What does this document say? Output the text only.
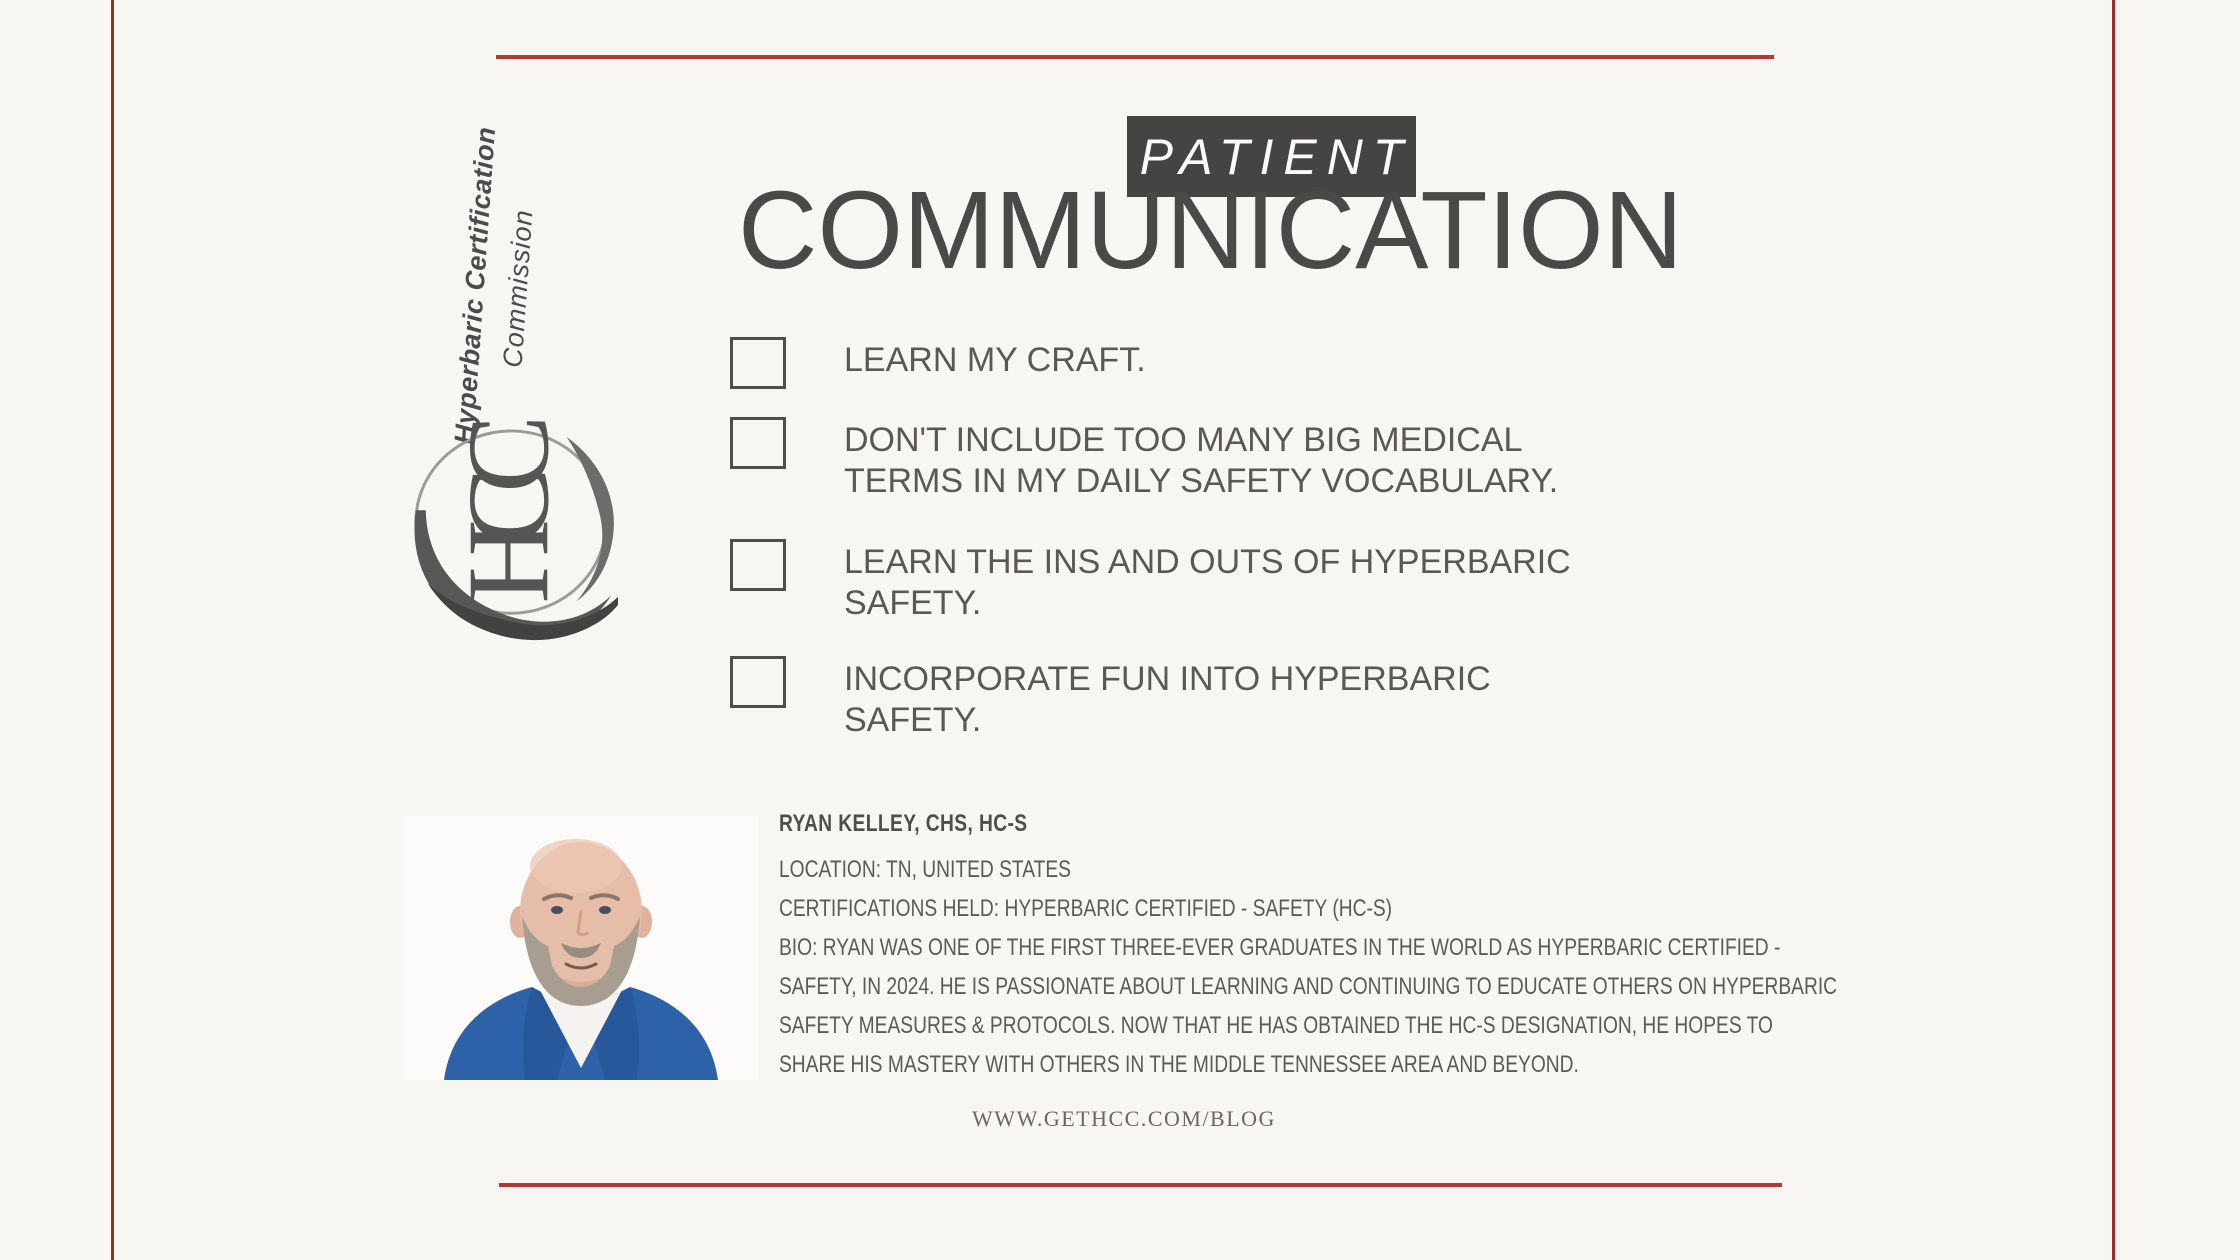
Hyperbaric Certification
Commission
HCC
PATIENT
COMMUNICATION
LEARN MY CRAFT.
DON'T INCLUDE TOO MANY BIG MEDICAL TERMS IN MY DAILY SAFETY VOCABULARY.
LEARN THE INS AND OUTS OF HYPERBARIC SAFETY.
INCORPORATE FUN INTO HYPERBARIC SAFETY.
RYAN KELLEY, CHS, HC-S
LOCATION: TN, UNITED STATES
CERTIFICATIONS HELD: HYPERBARIC CERTIFIED - SAFETY (HC-S)

BIO: RYAN WAS ONE OF THE FIRST THREE-EVER GRADUATES IN THE WORLD AS HYPERBARIC CERTIFIED - SAFETY, IN 2024. HE IS PASSIONATE ABOUT LEARNING AND CONTINUING TO EDUCATE OTHERS ON HYPERBARIC SAFETY MEASURES & PROTOCOLS. NOW THAT HE HAS OBTAINED THE HC-S DESIGNATION, HE HOPES TO SHARE HIS MASTERY WITH OTHERS IN THE MIDDLE TENNESSEE AREA AND BEYOND.

WWW.GETHCC.COM/BLOG
